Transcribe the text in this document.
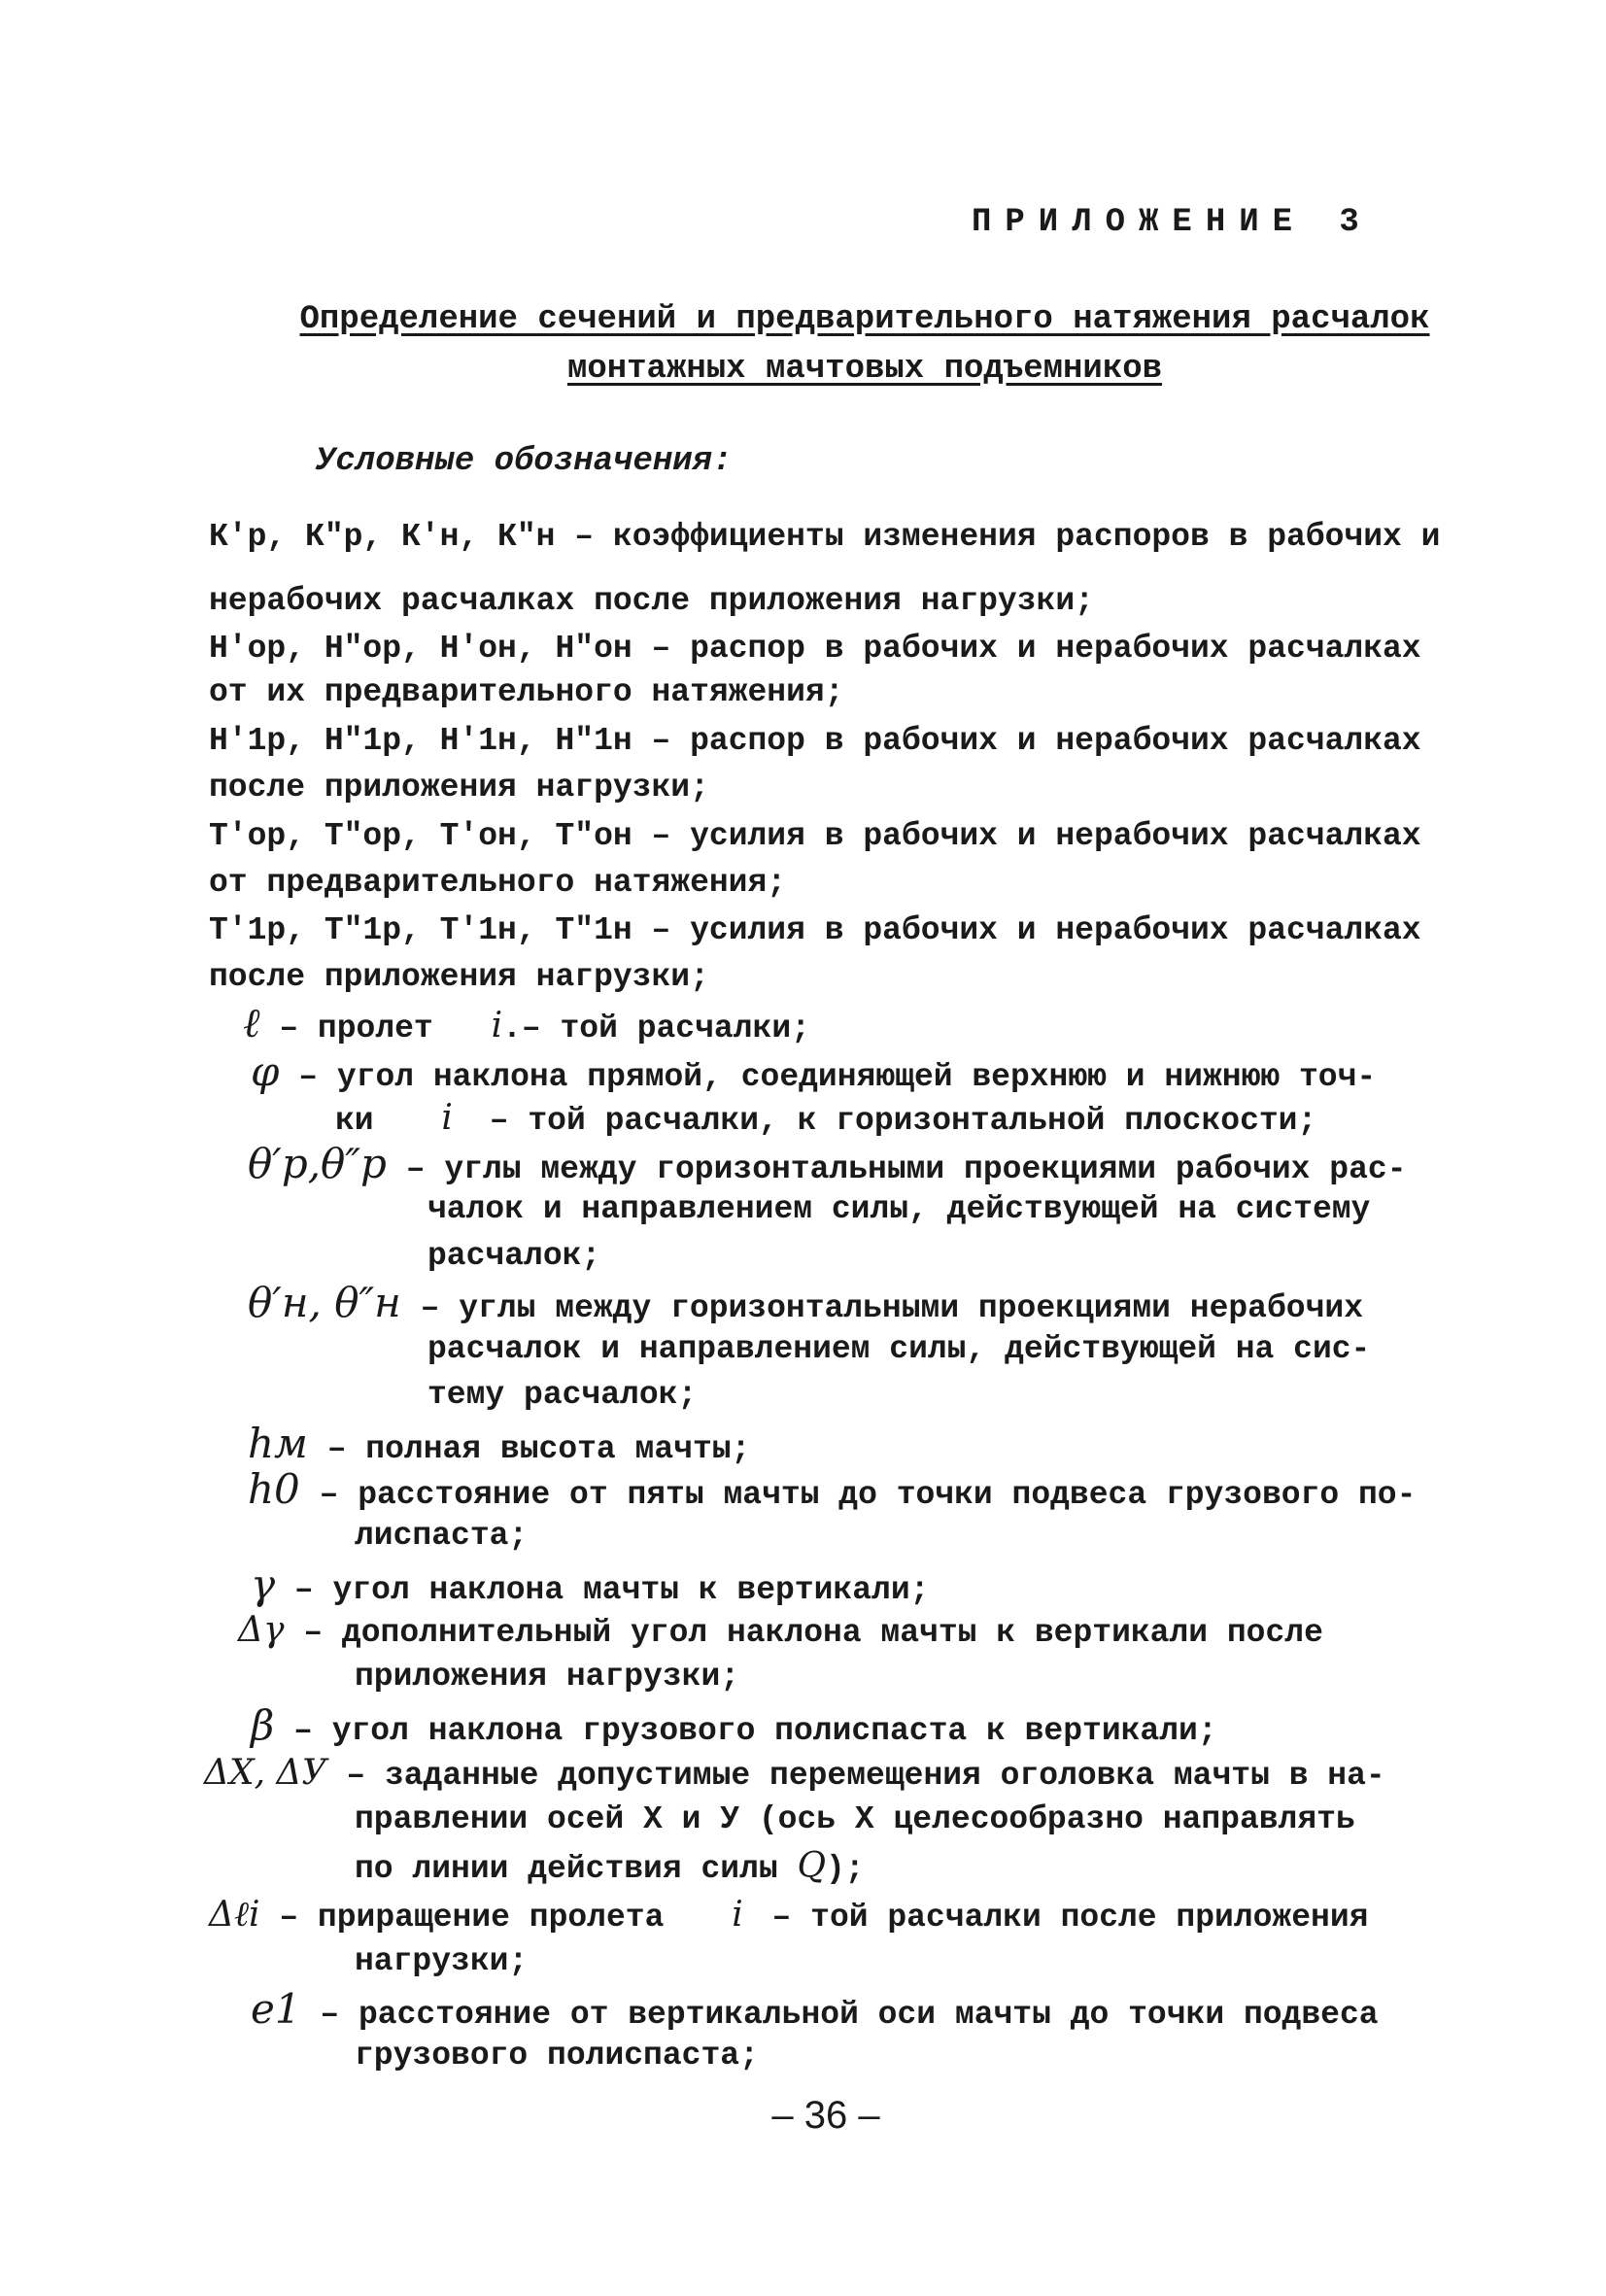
ПРИЛОЖЕНИЕ 3
Определение сечений и предварительного натяжения расчалок
монтажных мачтовых подъемников
Условные обозначения:
К′р, К″р, К′н, К″н – коэффициенты изменения распоров в рабочих и
нерабочих расчалках после приложения нагрузки;
Н′ор, Н″ор, Н′он, Н″он – распор в рабочих и нерабочих расчалках
от их предварительного натяжения;
Н′1р, Н″1р, Н′1н, Н″1н – распор в рабочих и нерабочих расчалках
после приложения нагрузки;
Т′ор, Т″ор, Т′он, Т″он – усилия в рабочих и нерабочих расчалках
от предварительного натяжения;
Т′1р, Т″1р, Т′1н, Т″1н – усилия в рабочих и нерабочих расчалках
после приложения нагрузки;
ℓ – пролет i.– той расчалки;
φ – угол наклона прямой, соединяющей верхнюю и нижнюю точ-
ки i – той расчалки, к горизонтальной плоскости;
θ′р,θ″р – углы между горизонтальными проекциями рабочих рас-
чалок и направлением силы, действующей на систему
расчалок;
θ′н, θ″н – углы между горизонтальными проекциями нерабочих
расчалок и направлением силы, действующей на сис-
тему расчалок;
hм – полная высота мачты;
h0 – расстояние от пяты мачты до точки подвеса грузового по-
лиспаста;
γ – угол наклона мачты к вертикали;
Δγ – дополнительный угол наклона мачты к вертикали после
приложения нагрузки;
β – угол наклона грузового полиспаста к вертикали;
ΔX, ΔУ – заданные допустимые перемещения оголовка мачты в на-
правлении осей Х и У (ось Х целесообразно направлять
по линии действия силы Q);
Δℓi – приращение пролета i – той расчалки после приложения
нагрузки;
e1 – расстояние от вертикальной оси мачты до точки подвеса
грузового полиспаста;
– 36 –
